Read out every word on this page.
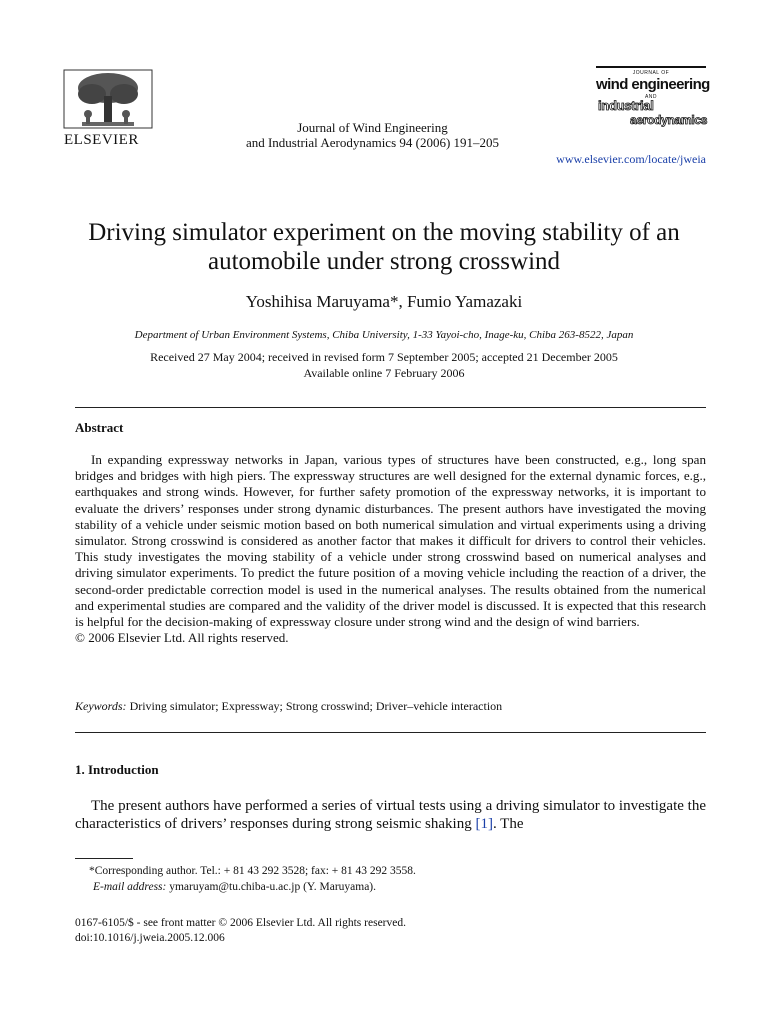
ELSEVIER
Journal of Wind Engineering
and Industrial Aerodynamics 94 (2006) 191–205
JOURNAL OF
wind engineering
AND
industrial
aerodynamics
www.elsevier.com/locate/jweia
Driving simulator experiment on the moving stability of an automobile under strong crosswind
Yoshihisa Maruyama*, Fumio Yamazaki
Department of Urban Environment Systems, Chiba University, 1-33 Yayoi-cho, Inage-ku, Chiba 263-8522, Japan
Received 27 May 2004; received in revised form 7 September 2005; accepted 21 December 2005
Available online 7 February 2006
Abstract
In expanding expressway networks in Japan, various types of structures have been constructed, e.g., long span bridges and bridges with high piers. The expressway structures are well designed for the external dynamic forces, e.g., earthquakes and strong winds. However, for further safety promotion of the expressway networks, it is important to evaluate the drivers’ responses under strong dynamic disturbances. The present authors have investigated the moving stability of a vehicle under seismic motion based on both numerical simulation and virtual experiments using a driving simulator. Strong crosswind is considered as another factor that makes it difficult for drivers to control their vehicles. This study investigates the moving stability of a vehicle under strong crosswind based on numerical analyses and driving simulator experiments. To predict the future position of a moving vehicle including the reaction of a driver, the second-order predictable correction model is used in the numerical analyses. The results obtained from the numerical and experimental studies are compared and the validity of the driver model is discussed. It is expected that this research is helpful for the decision-making of expressway closure under strong wind and the design of wind barriers.
© 2006 Elsevier Ltd. All rights reserved.
Keywords: Driving simulator; Expressway; Strong crosswind; Driver–vehicle interaction
1. Introduction
The present authors have performed a series of virtual tests using a driving simulator to investigate the characteristics of drivers’ responses during strong seismic shaking [1]. The
*Corresponding author. Tel.: + 81 43 292 3528; fax: + 81 43 292 3558.
E-mail address: ymaruyam@tu.chiba-u.ac.jp (Y. Maruyama).
0167-6105/$ - see front matter © 2006 Elsevier Ltd. All rights reserved.
doi:10.1016/j.jweia.2005.12.006
